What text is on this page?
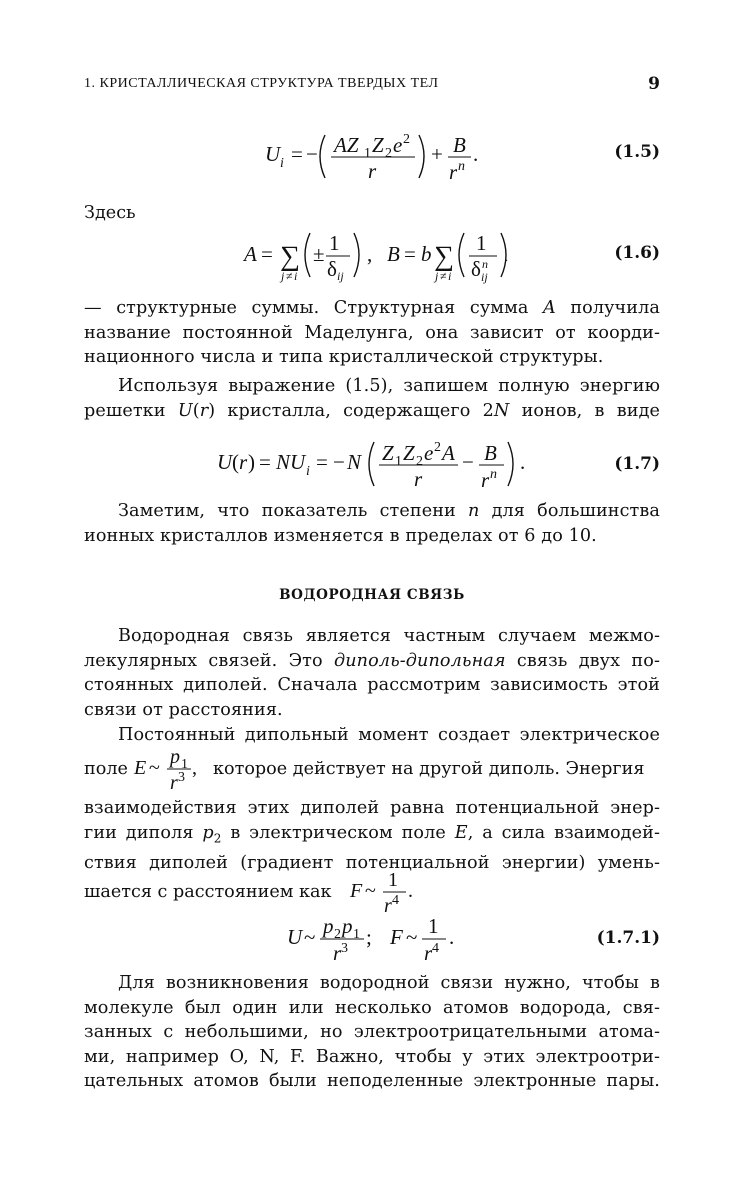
1. КРИСТАЛЛИЧЕСКАЯ СТРУКТУРА ТВЕРДЫХ ТЕЛ	9
U i = − AZ 1 Z 2 e 2
r
+ B
r n
.	(1.5)
Здесь
A = ∑
j ≠ i
± 1
δ ij
, B = b ∑
j ≠ i
1
δ n
ij
.	(1.6)
— структурные суммы. Структурная сумма A получила
название постоянной Маделунга, она зависит от коорди-
национного числа и типа кристаллической структуры.
Используя выражение (1.5), запишем полную энергию
решетки U(r) кристалла, содержащего 2N ионов, в виде
U ( r ) = NU i = − N Z 1 Z 2 e 2 A
r
− B
r n
.	(1.7)
Заметим, что показатель степени n для большинства
ионных кристаллов изменяется в пределах от 6 до 10.
ВОДОРОДНАЯ СВЯЗЬ
Водородная связь является частным случаем межмо-
лекулярных связей. Это диполь-дипольная связь двух по-
стоянных диполей. Сначала рассмотрим зависимость этой
связи от расстояния.
Постоянный дипольный момент создает электрическое
поле E ~ p 1
r 3 , которое действует на другой диполь. Энергия
взаимодействия этих диполей равна потенциальной энер-
гии диполя $p_2$ в электрическом поле E, а сила взаимодей-
ствия диполей (градиент потенциальной энергии) умень-
шается с расстоянием как F ~ 1
r 4 .
U ~ p 2 p 1
r 3 ; F ~ 1
r 4 .	(1.7.1)
Для возникновения водородной связи нужно, чтобы в
молекуле был один или несколько атомов водорода, свя-
занных с небольшими, но электроотрицательными атома-
ми, например O, N, F. Важно, чтобы у этих электроотри-
цательных атомов были неподеленные электронные пары.
